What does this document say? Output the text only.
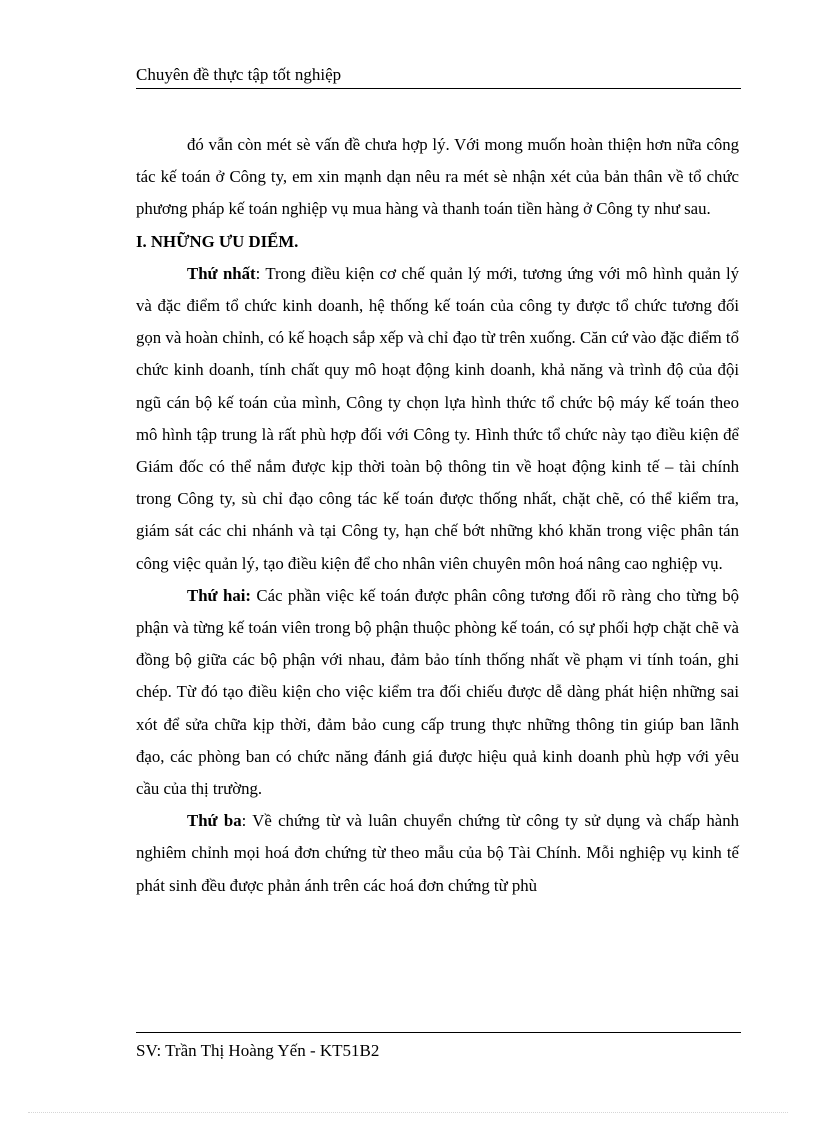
Chuyên đề thực tập tốt nghiệp

đó vẫn còn mét sè vấn đề chưa hợp lý. Với mong muốn hoàn thiện hơn nữa công tác kế toán ở Công ty, em xin mạnh dạn nêu ra mét sè nhận xét của bản thân về tổ chức phương pháp kế toán nghiệp vụ mua hàng và thanh toán tiền hàng ở Công ty như sau.

I. NHỮNG ƯU DIỂM.

Thứ nhất: Trong điều kiện cơ chế quản lý mới, tương ứng với mô hình quản lý và đặc điểm tổ chức kinh doanh, hệ thống kế toán của công ty được tổ chức tương đối gọn và hoàn chỉnh, có kế hoạch sắp xếp và chỉ đạo từ trên xuống. Căn cứ vào đặc điểm tổ chức kinh doanh, tính chất quy mô hoạt động kinh doanh, khả năng và trình độ của đội ngũ cán bộ kế toán của mình, Công ty chọn lựa hình thức tổ chức bộ máy kế toán theo mô hình tập trung là rất phù hợp đối với Công ty. Hình thức tổ chức này tạo điều kiện để Giám đốc có thể nắm được kịp thời toàn bộ thông tin về hoạt động kinh tế – tài chính trong Công ty, sù chỉ đạo công tác kế toán được thống nhất, chặt chẽ, có thể kiểm tra, giám sát các chi nhánh và tại Công ty, hạn chế bớt những khó khăn trong việc phân tán công việc quản lý, tạo điều kiện để cho nhân viên chuyên môn hoá nâng cao nghiệp vụ.

Thứ hai: Các phần việc kế toán được phân công tương đối rõ ràng cho từng bộ phận và từng kế toán viên trong bộ phận thuộc phòng kế toán, có sự phối hợp chặt chẽ và đồng bộ giữa các bộ phận với nhau, đảm bảo tính thống nhất về phạm vi tính toán, ghi chép. Từ đó tạo điều kiện cho việc kiểm tra đối chiếu được dễ dàng phát hiện những sai xót để sửa chữa kịp thời, đảm bảo cung cấp trung thực những thông tin giúp ban lãnh đạo, các phòng ban có chức năng đánh giá được hiệu quả kinh doanh phù hợp với yêu cầu của thị trường.

Thứ ba: Về chứng từ và luân chuyển chứng từ công ty sử dụng và chấp hành nghiêm chỉnh mọi hoá đơn chứng từ theo mẫu của bộ Tài Chính. Mỗi nghiệp vụ kinh tế phát sinh đều được phản ánh trên các hoá đơn chứng từ phù

SV: Trần Thị Hoàng Yến - KT51B2
